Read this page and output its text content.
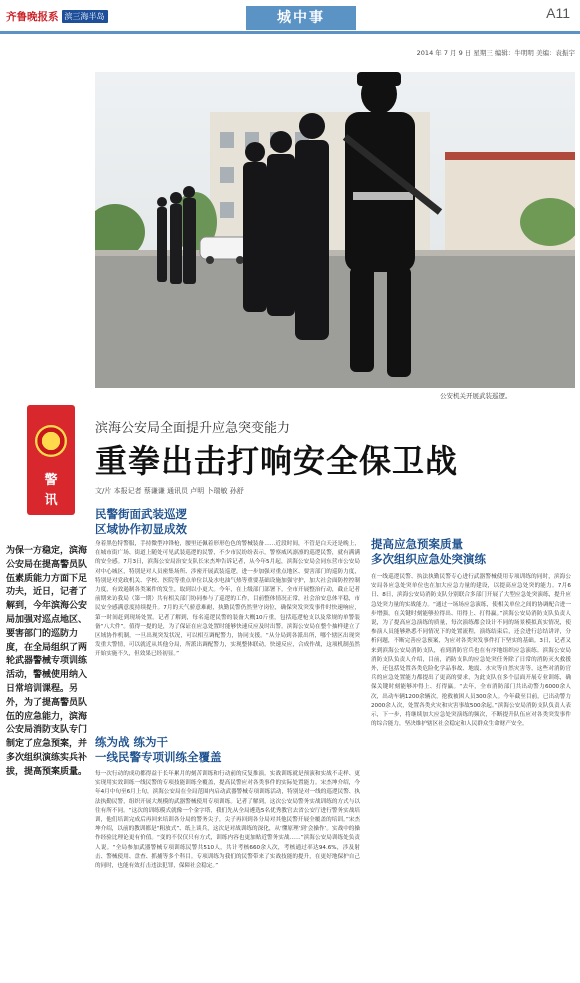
齐鲁晚报系 滨三海半岛	城中事	A11
2014 年 7 月 9 日 星期三 编辑：牛明明 美编：袁振宇
公安机关开展武装巡逻。
警
讯
滨海公安局全面提升应急突变能力
重拳出击打响安全保卫战
文/片 本报记者 蔡谦谦 通讯员 卢明 卜瑞敏 孙舒
为保一方稳定，滨海公安局在提高警员队伍素质能力方面下足功夫，近日，记者了解到，今年滨海公安局加强对巡点地区、要害部门的巡防力度，在全局组织了两轮武器警械专项训练活动，警械使用纳入日常培训课程。另外，为了提高警员队伍的应急能力，滨海公安局消防支队专门制定了应急预案，并多次组织演练实兵补拔，提高预案质量。
民警街面武装巡逻
区域协作初显成效
身着黑色特警服，手持微型冲锋枪，腰里还佩着形形色色的警械装备……近段时间，不管是白天还是晚上，在城市街广场、街道上随处可见武装巡逻的民警，不少市民纷纷表示，警察威风凛凛的巡逻民警，就有满满的安全感。7月3日，滨海公安局治安支队长宋杰坤告诉记者，从今年5月起，滨海公安局会同东营市公安局对中心城区，特别是对人员密集场所、涉密开展武装巡逻，进一步加强对重点地区、要害部门的巡防力度，特别是对党政机关、学校、医院等重点单位以及水电油气热等重要基础设施加强守护，加大社会面防控控制力度，有效遏制各类案件的发生，取到以小更大。今年，在上级部门部署下，全市开展整治行动，截止记者前期来访我局（第一期）共有相关部门协同参与了巡逻的工作，目前整体情况正常，社会治安总体平稳，市民安全感满意度持续提升。7月的天气骄意难耐，执勤民警仍然坚守岗位，确保突发突发事件时快速响应，第一时间赶到现场处置。记者了解到，每名巡逻民警的装备大概10斤重，包括巡逻枪支以及常规的单警装备“八大件”。值得一提的是，为了保证在应急处置时能够快速反应及时出警，滨海公安局在整个抽样建立了区域协作机制，一旦出现突发状况，可以相互调配警力，协同支援。“从分局到各派出所，哪个辖区出现突发重大警情，可以就近从其他分局，所派出调配警力，实现整体联动，快速反应，合成作战，这项机制虽然开始实施不久，但效果已经初显。”
练为战 练为干
一线民警专项训练全覆盖
每一次行动的成功都得益于长年累月的刻苦训练和行动前的反复推演。实战训练就是预演和实战不走样、更实现用实效训练一线民警的专项技能训练全覆盖，提高民警应对各类事件的实际处置能力。宋杰坤介绍，今年4月中旬至6月上旬，滨海公安局在全局范围内启动武器警械专项训练活动，特别是对一线的巡逻民警、执法执勤民警，组织开展大规模的武器警械使用专项训练。记者了解到，这次公安局警务实战训练的方式与以往有所不同。“这次的训练模式就像一个金字塔，我们先从全局遴选5名优秀教官去省公安厅进行警务实战培训，他们培训完成后再回来培训各分局的警务尖子，尖子再回到各分局对其他民警开展全覆盖的培训。”宋杰坤介绍，以前的教训都是“粗放式”、纸上谈兵，这次是对战训练的深化，从‘懂原理’到‘会操作’。实战中的操作经验比理论更有价值。“变的不仅仅只有方式，训练内容也更加贴近警务实战……”滨海公安局训练处负责人说。“全局参加武器警械专项训练民警共510人，共计考核660余人次，考核通过率达94.6%，涉及射击、警械使用、盘查、抓捕等多个科目。专项训练为我们的民警带来了实战技能的提升，在更好地保护自己的同时，也能有效打击违法犯罪，保障社会稳定。”
提高应急预案质量
多次组织应急处突演练
在一线巡逻民警、执法执勤民警专心进行武器警械使用专项训练的同时，滨海公安局各应急处突单位也在加大应急力量的建设，以提高应急处突的能力。7月6日、8日，滨海公安局消防支队分别联合多部门开展了大型应急处突演练，提升应急处突力量的实战能力。“通过一场场应急演练，使相关单位之间的协调配合进一步增强，在关键时刻能够拉得出、用得上、打得赢。”滨海公安局消防支队负责人说，为了提高应急演练的质量，每次演练都会设计不同的场景模拟真实情况，使参演人员能够熟悉不同情况下的处置流程，演练结束后，还会进行总结讲评，分析问题，不断完善应急预案，为应对各类突发事件打下坚实的基础。3日，记者又来到滨海公安局消防支队，看到消防官兵也在有序地组织应急演练。滨海公安局消防支队负责人介绍，目前，消防支队的应急处突任务除了日常的消防灭火救援外，还包括处置各类危险化学品事故、地震、水灾等自然灾害等，这些对消防官兵的应急处置能力都提出了更高的要求，为此支队在多个层面开展专业训练，确保关键时刻能够冲得上、打得赢。“去年，全市消防部门共出动警力6000余人次，出动车辆1200余辆次，抢救被困人员300余人。今年截至目前，已出动警力2000余人次，处置各类火灾和灾害事故500余起。”滨海公安局消防支队负责人表示，下一步，将继续加大应急处突演练的频次，不断提升队伍应对各类突发事件的综合能力，坚决维护辖区社会稳定和人民群众生命财产安全。
